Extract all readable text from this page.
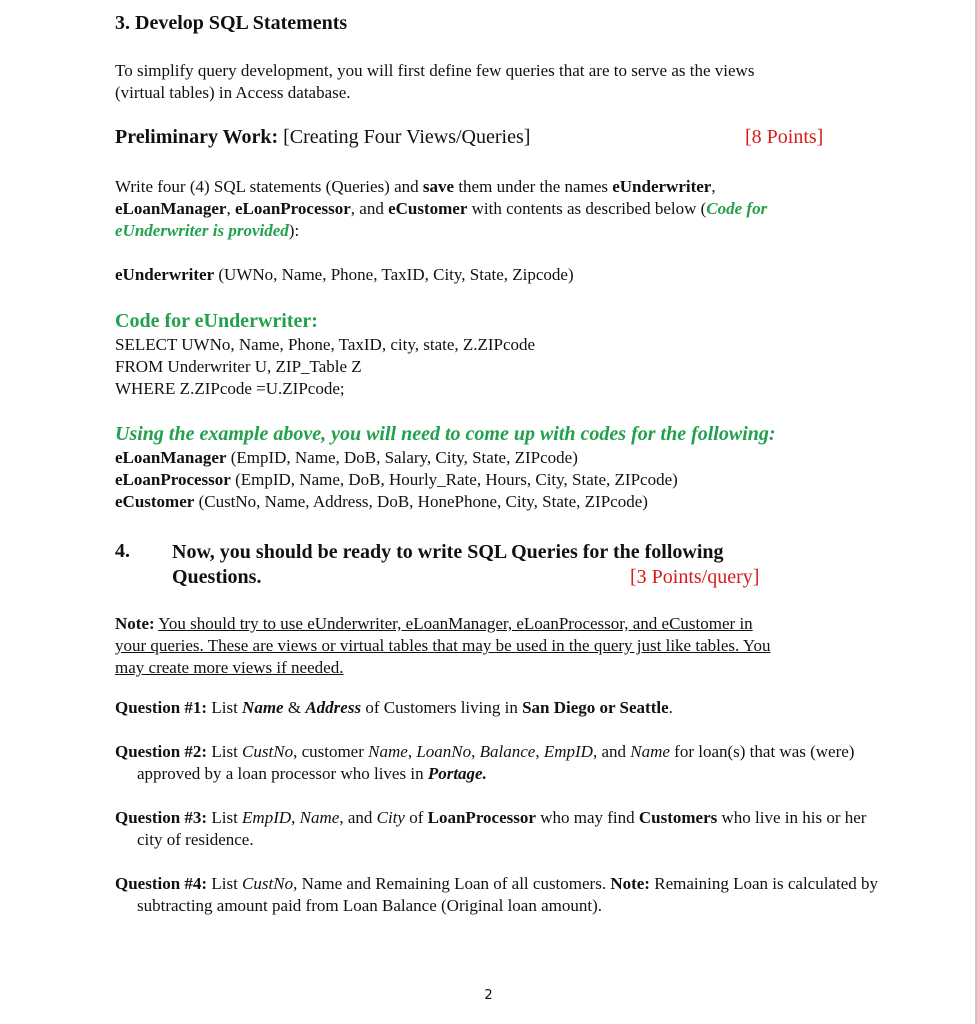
3. Develop SQL Statements
To simplify query development, you will first define few queries that are to serve as the views
(virtual tables) in Access database.
Preliminary Work: [Creating Four Views/Queries]	[8 Points]
Write four (4) SQL statements (Queries) and save them under the names eUnderwriter,
eLoanManager, eLoanProcessor, and eCustomer with contents as described below (Code for
eUnderwriter is provided):
eUnderwriter (UWNo, Name, Phone, TaxID, City, State, Zipcode)
Code for eUnderwriter:
SELECT UWNo, Name, Phone, TaxID, city, state, Z.ZIPcode
FROM Underwriter U, ZIP_Table Z
WHERE Z.ZIPcode =U.ZIPcode;
Using the example above, you will need to come up with codes for the following:
eLoanManager (EmpID, Name, DoB, Salary, City, State, ZIPcode)
eLoanProcessor (EmpID, Name, DoB, Hourly_Rate, Hours, City, State, ZIPcode)
eCustomer (CustNo, Name, Address, DoB, HonePhone, City, State, ZIPcode)
4. Now, you should be ready to write SQL Queries for the following
Questions.	[3 Points/query]
Note: You should try to use eUnderwriter, eLoanManager, eLoanProcessor, and eCustomer in
your queries. These are views or virtual tables that may be used in the query just like tables. You
may create more views if needed.
Question #1: List Name & Address of Customers living in San Diego or Seattle.
Question #2: List CustNo, customer Name, LoanNo, Balance, EmpID, and Name for loan(s) that was (were) approved by a loan processor who lives in Portage.
Question #3: List EmpID, Name, and City of LoanProcessor who may find Customers who live in his or her city of residence.
Question #4: List CustNo, Name and Remaining Loan of all customers. Note: Remaining Loan is calculated by subtracting amount paid from Loan Balance (Original loan amount).
2
